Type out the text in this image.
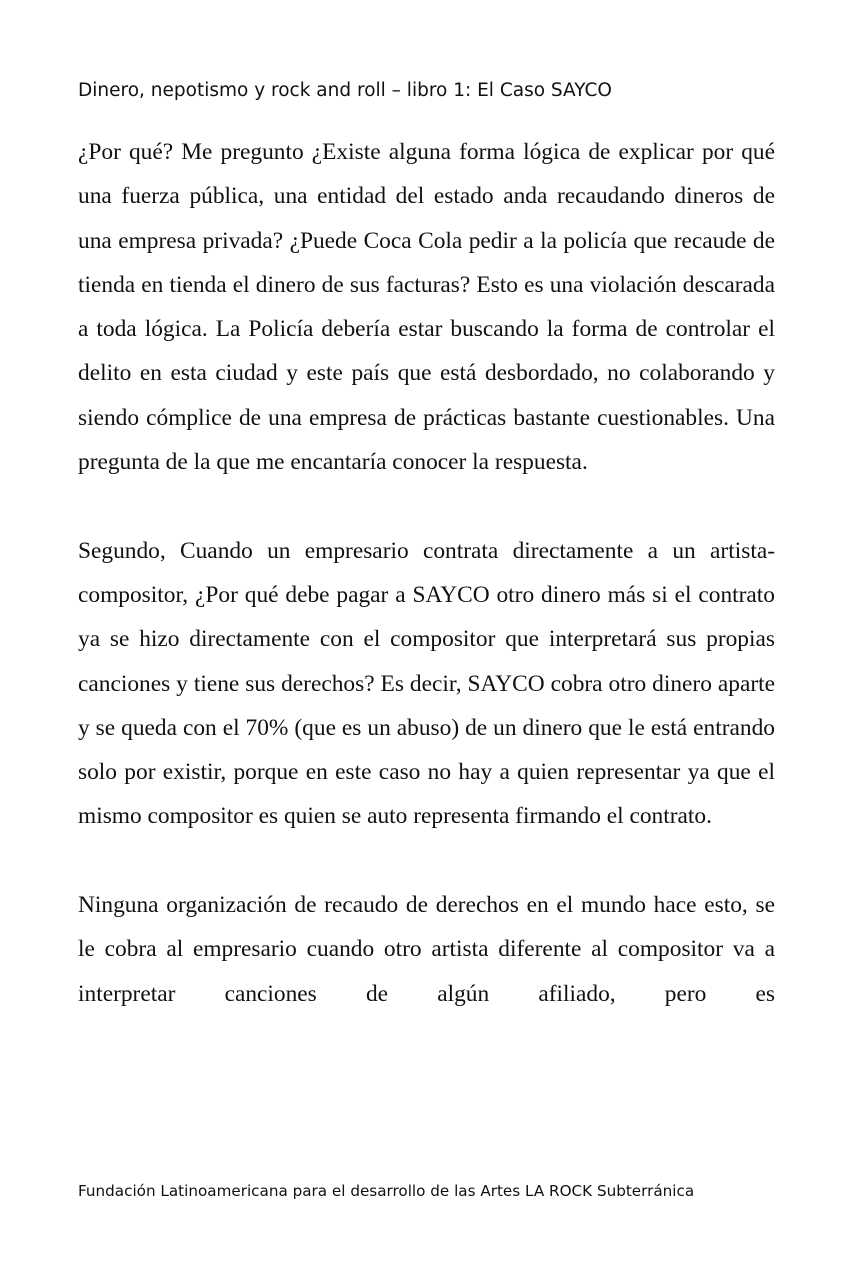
Dinero, nepotismo y rock and roll – libro 1: El Caso SAYCO

¿Por qué? Me pregunto ¿Existe alguna forma lógica de explicar por qué una fuerza pública, una entidad del estado anda recaudando dineros de una empresa privada? ¿Puede Coca Cola pedir a la policía que recaude de tienda en tienda el dinero de sus facturas? Esto es una violación descarada a toda lógica. La Policía debería estar buscando la forma de controlar el delito en esta ciudad y este país que está desbordado, no colaborando y siendo cómplice de una empresa de prácticas bastante cuestionables. Una pregunta de la que me encantaría conocer la respuesta.

Segundo, Cuando un empresario contrata directamente a un artista-compositor, ¿Por qué debe pagar a SAYCO otro dinero más si el contrato ya se hizo directamente con el compositor que interpretará sus propias canciones y tiene sus derechos? Es decir, SAYCO cobra otro dinero aparte y se queda con el 70% (que es un abuso) de un dinero que le está entrando solo por existir, porque en este caso no hay a quien representar ya que el mismo compositor es quien se auto representa firmando el contrato.

Ninguna organización de recaudo de derechos en el mundo hace esto, se le cobra al empresario cuando otro artista diferente al compositor va a interpretar canciones de algún afiliado, pero es

Fundación Latinoamericana para el desarrollo de las Artes LA ROCK Subterránica
